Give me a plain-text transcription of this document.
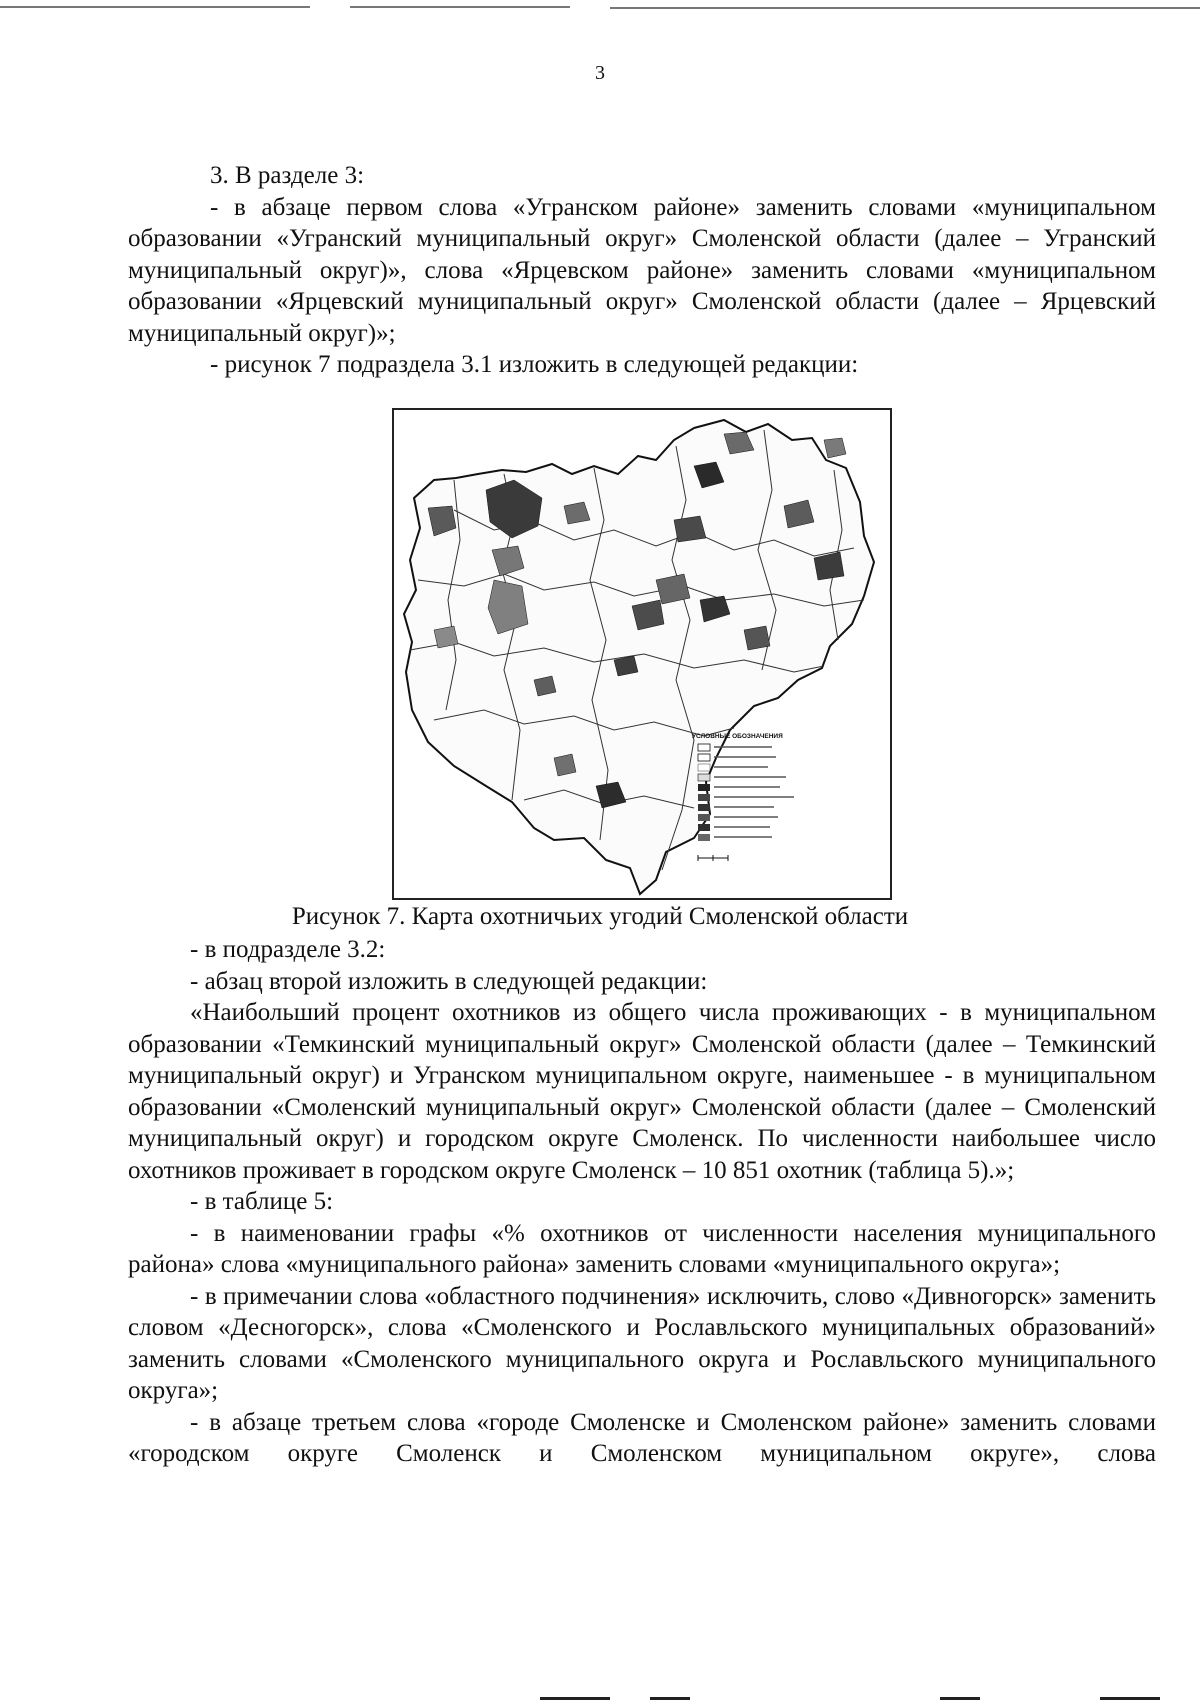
3

3. В разделе 3:

- в абзаце первом слова «Угранском районе» заменить словами «муниципальном образовании «Угранский муниципальный округ» Смоленской области (далее – Угранский муниципальный округ)», слова «Ярцевском районе» заменить словами «муниципальном образовании «Ярцевский муниципальный округ» Смоленской области (далее – Ярцевский муниципальный округ)»;

- рисунок 7 подраздела 3.1 изложить в следующей редакции:

УСЛОВНЫЕ ОБОЗНАЧЕНИЯ
Рисунок 7. Карта охотничьих угодий Смоленской области

- в подразделе 3.2:

- абзац второй изложить в следующей редакции:

«Наибольший процент охотников из общего числа проживающих - в муниципальном образовании «Темкинский муниципальный округ» Смоленской области (далее – Темкинский муниципальный округ) и Угранском муниципальном округе, наименьшее - в муниципальном образовании «Смоленский муниципальный округ» Смоленской области (далее – Смоленский муниципальный округ) и городском округе Смоленск. По численности наибольшее число охотников проживает в городском округе Смоленск – 10 851 охотник (таблица 5).»;

- в таблице 5:

- в наименовании графы «% охотников от численности населения муниципального района» слова «муниципального района» заменить словами «муниципального округа»;

- в примечании слова «областного подчинения» исключить, слово «Дивногорск» заменить словом «Десногорск», слова «Смоленского и Рославльского муниципальных образований» заменить словами «Смоленского муниципального округа и Рославльского муниципального округа»;

- в абзаце третьем слова «городе Смоленске и Смоленском районе» заменить словами «городском округе Смоленск и Смоленском муниципальном округе», слова
